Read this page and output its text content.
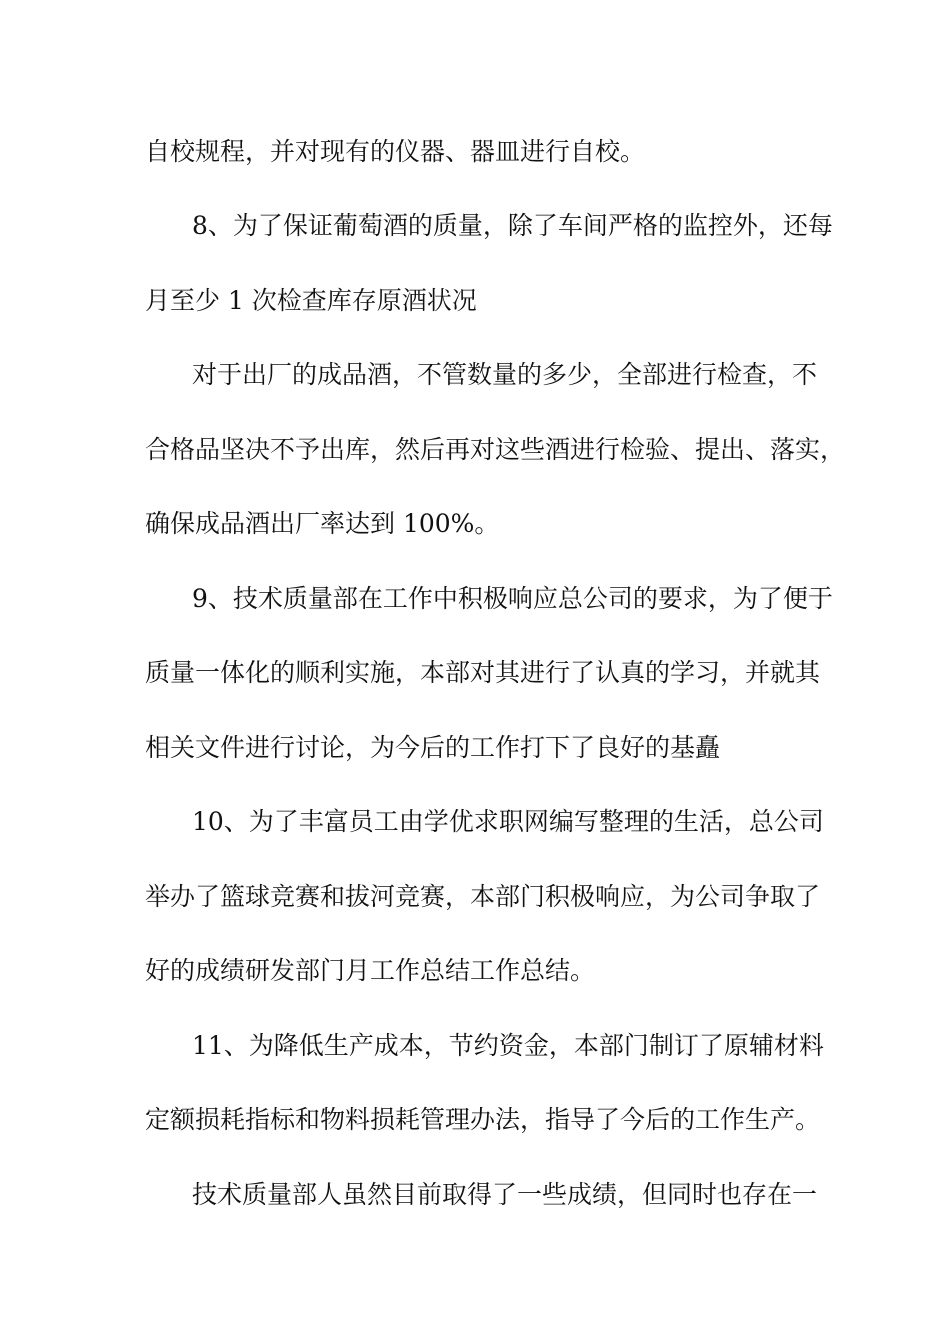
自校规程，并对现有的仪器、器皿进行自校。
8、为了保证葡萄酒的质量，除了车间严格的监控外，还每
月至少 1 次检查库存原酒状况
对于出厂的成品酒，不管数量的多少，全部进行检查，不
合格品坚决不予出库，然后再对这些酒进行检验、提出、落实，
确保成品酒出厂率达到 100%。
9、技术质量部在工作中积极响应总公司的要求，为了便于
质量一体化的顺利实施，本部对其进行了认真的学习，并就其
相关文件进行讨论，为今后的工作打下了良好的基矗
10、为了丰富员工由学优求职网编写整理的生活，总公司
举办了篮球竞赛和拔河竞赛，本部门积极响应，为公司争取了
好的成绩研发部门月工作总结工作总结。
11、为降低生产成本，节约资金，本部门制订了原辅材料
定额损耗指标和物料损耗管理办法，指导了今后的工作生产。
技术质量部人虽然目前取得了一些成绩，但同时也存在一
